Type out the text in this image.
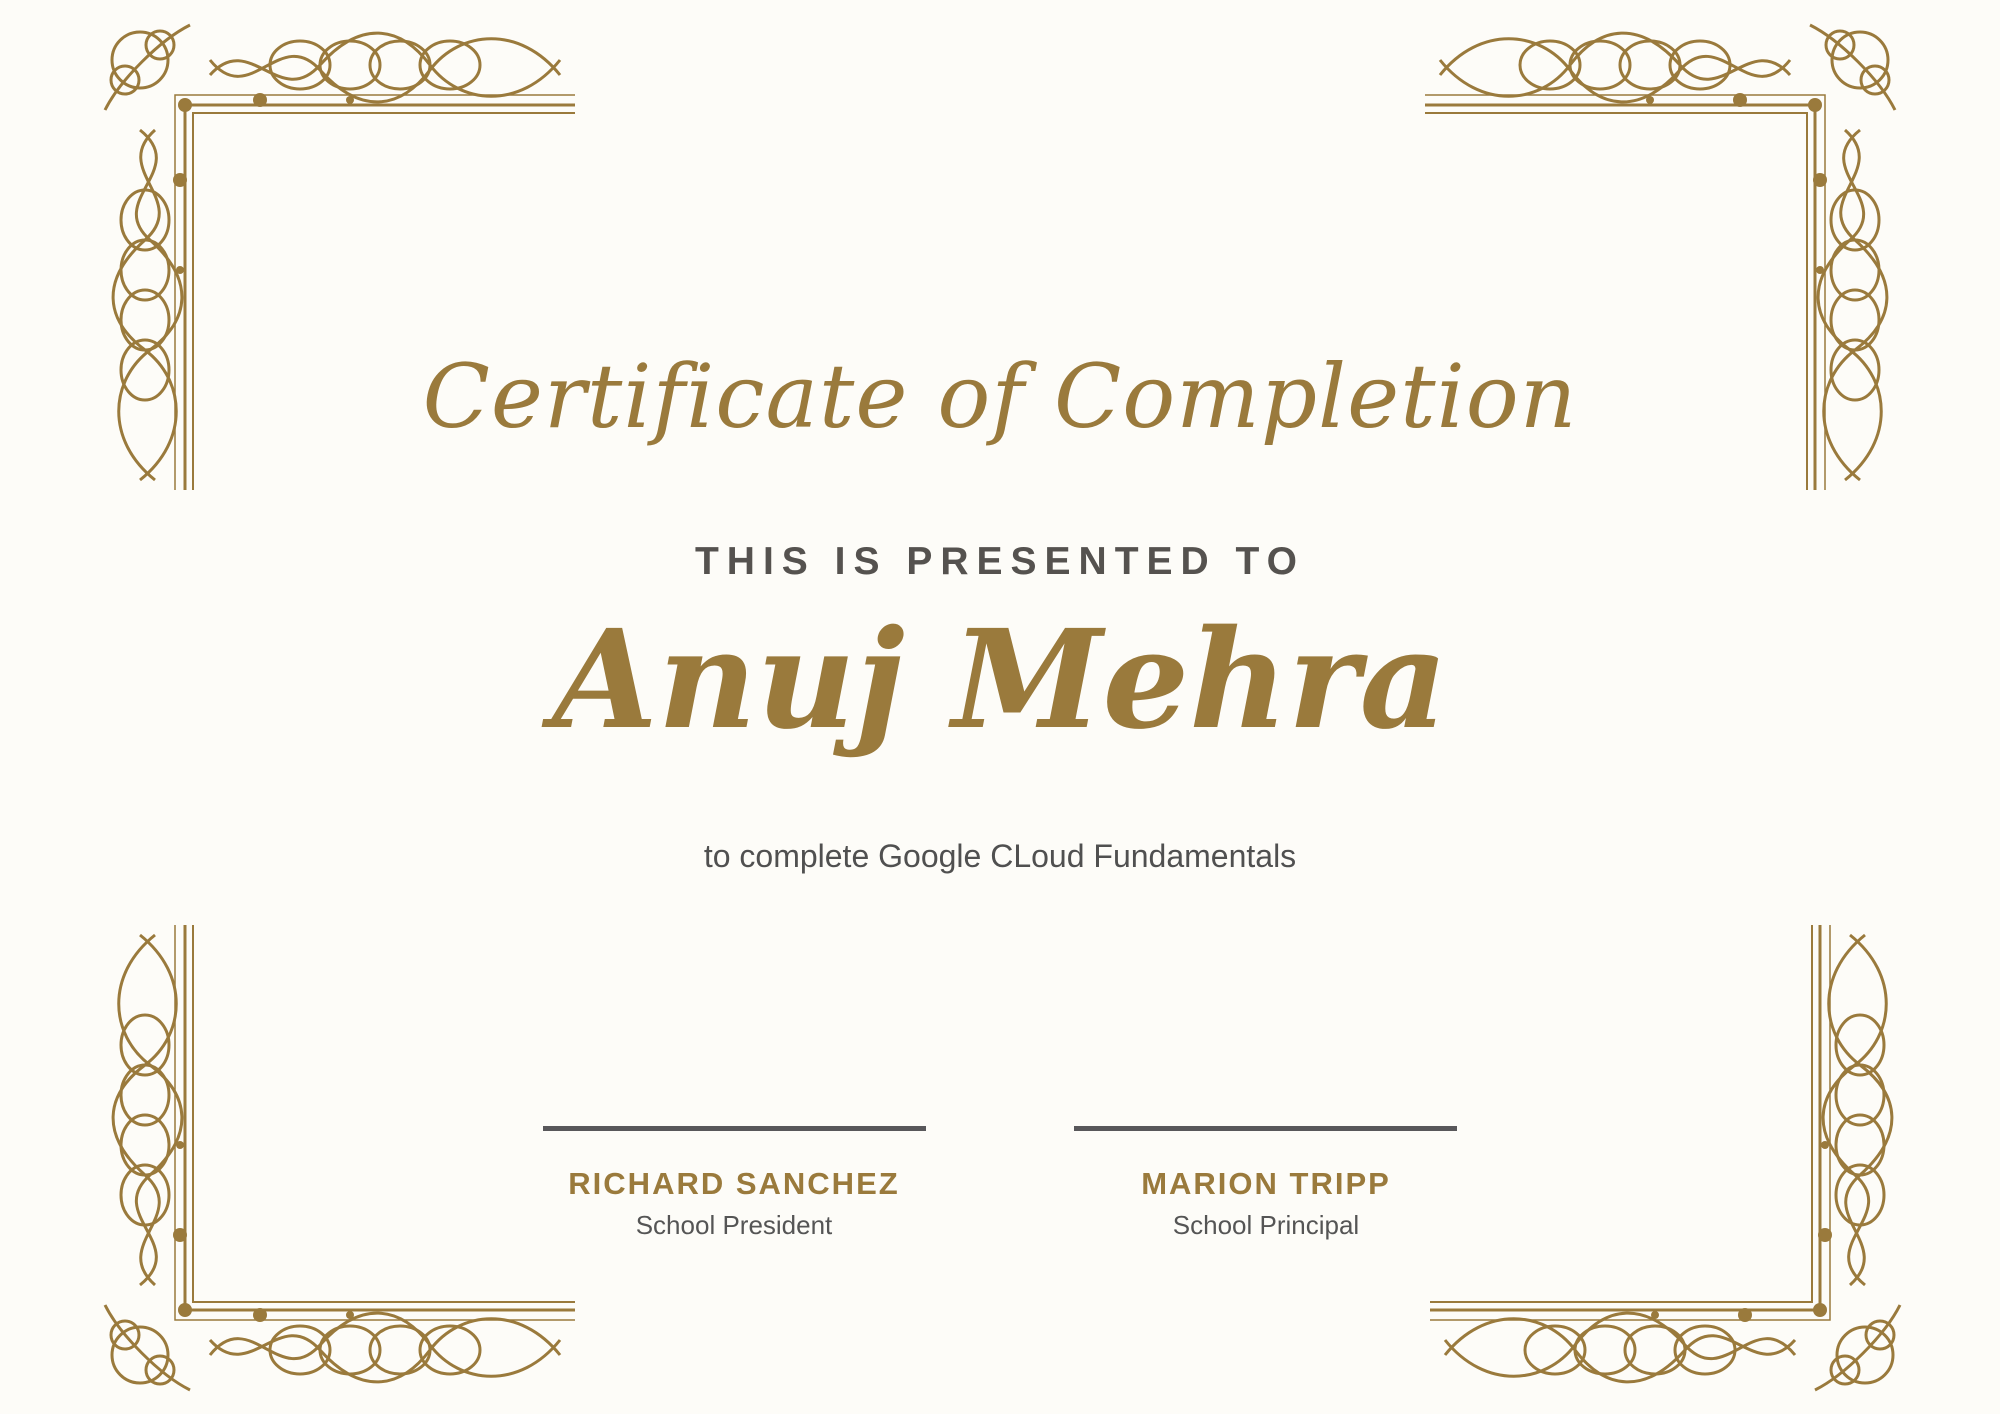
Certificate of Completion
THIS IS PRESENTED TO
Anuj Mehra
to complete Google CLoud Fundamentals
RICHARD SANCHEZ
School President
MARION TRIPP
School Principal
